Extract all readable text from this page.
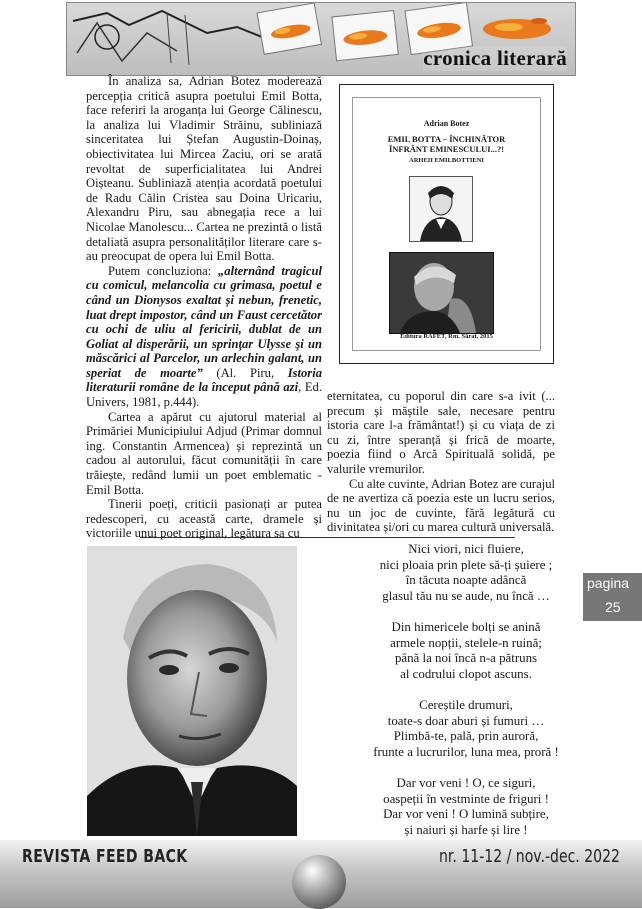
cronica literară

În analiza sa, Adrian Botez moderează percepția critică asupra poetului Emil Botta, face referiri la aroganța lui George Călinescu, la analiza lui Vladimir Străinu, subliniază sinceritatea lui Ștefan Augustin-Doinaș, obiectivitatea lui Mircea Zaciu, ori se arată revoltat de superficialitatea lui Andrei Oișteanu. Subliniază atenția acordată poetului de Radu Călin Cristea sau Doina Uricariu, Alexandru Piru, sau abnegația rece a lui Nicolae Manolescu... Cartea ne prezintă o listă detaliată asupra personalităților literare care s-au preocupat de opera lui Emil Botta.

Putem concluziona: „alternând tragicul cu comicul, melancolia cu grimasa, poetul e când un Dionysos exaltat și nebun, frenetic, luat drept impostor, când un Faust cercetător cu ochi de uliu al fericirii, dublat de un Goliat al disperării, un sprinţar Ulysse şi un măscărici al Parcelor, un arlechin galant, un speriat de moarte” (Al. Piru, Istoria literaturii române de la început până azi, Ed. Univers, 1981, p.444).

Cartea a apărut cu ajutorul material al Primăriei Municipiului Adjud (Primar domnul ing. Constantin Armencea) și reprezintă un cadou al autorului, făcut comunității în care trăiește, redând lumii un poet emblematic - Emil Botta.

Tinerii poeți, criticii pasionați ar putea redescoperi, cu această carte, dramele și victoriile unui poet original, legătura sa cu

Adrian Botez
EMIL BOTTA – ÎNCHINĂTOR
ÎNFRÂNT EMINESCULUI...?!
ARHEII EMILBOTTIENI
Editura RAFET, Rm. Sărat, 2015

eternitatea, cu poporul din care s-a ivit (... precum și măștile sale, necesare pentru istoria care l-a frământat!) și cu viața de zi cu zi, între speranță și frică de moarte, poezia fiind o Arcă Spirituală solidă, pe valurile vremurilor.

Cu alte cuvinte, Adrian Botez are curajul de ne avertiza că poezia este un lucru serios, nu un joc de cuvinte, fără legătură cu divinitatea și/ori cu marea cultură universală.

Nici viori, nici fluiere,
nici ploaia prin plete să-ți șuiere ;
în tăcuta noapte adâncă
glasul tău nu se aude, nu încă …
Din himericele bolți se anină
armele nopții, stelele-n ruină;
până la noi încă n-a pătruns
al codrului clopot ascuns.
Cereștile drumuri,
toate-s doar aburi și fumuri …
Plimbă-te, pală, prin auroră,
frunte a lucrurilor, luna mea, proră !
Dar vor veni ! O, ce siguri,
oaspeții în vestminte de friguri !
Dar vor veni ! O lumină subțire,
și naiuri și harfe și lire !
pagina
25
REVISTA FEED BACK	nr. 11-12 / nov.-dec. 2022
